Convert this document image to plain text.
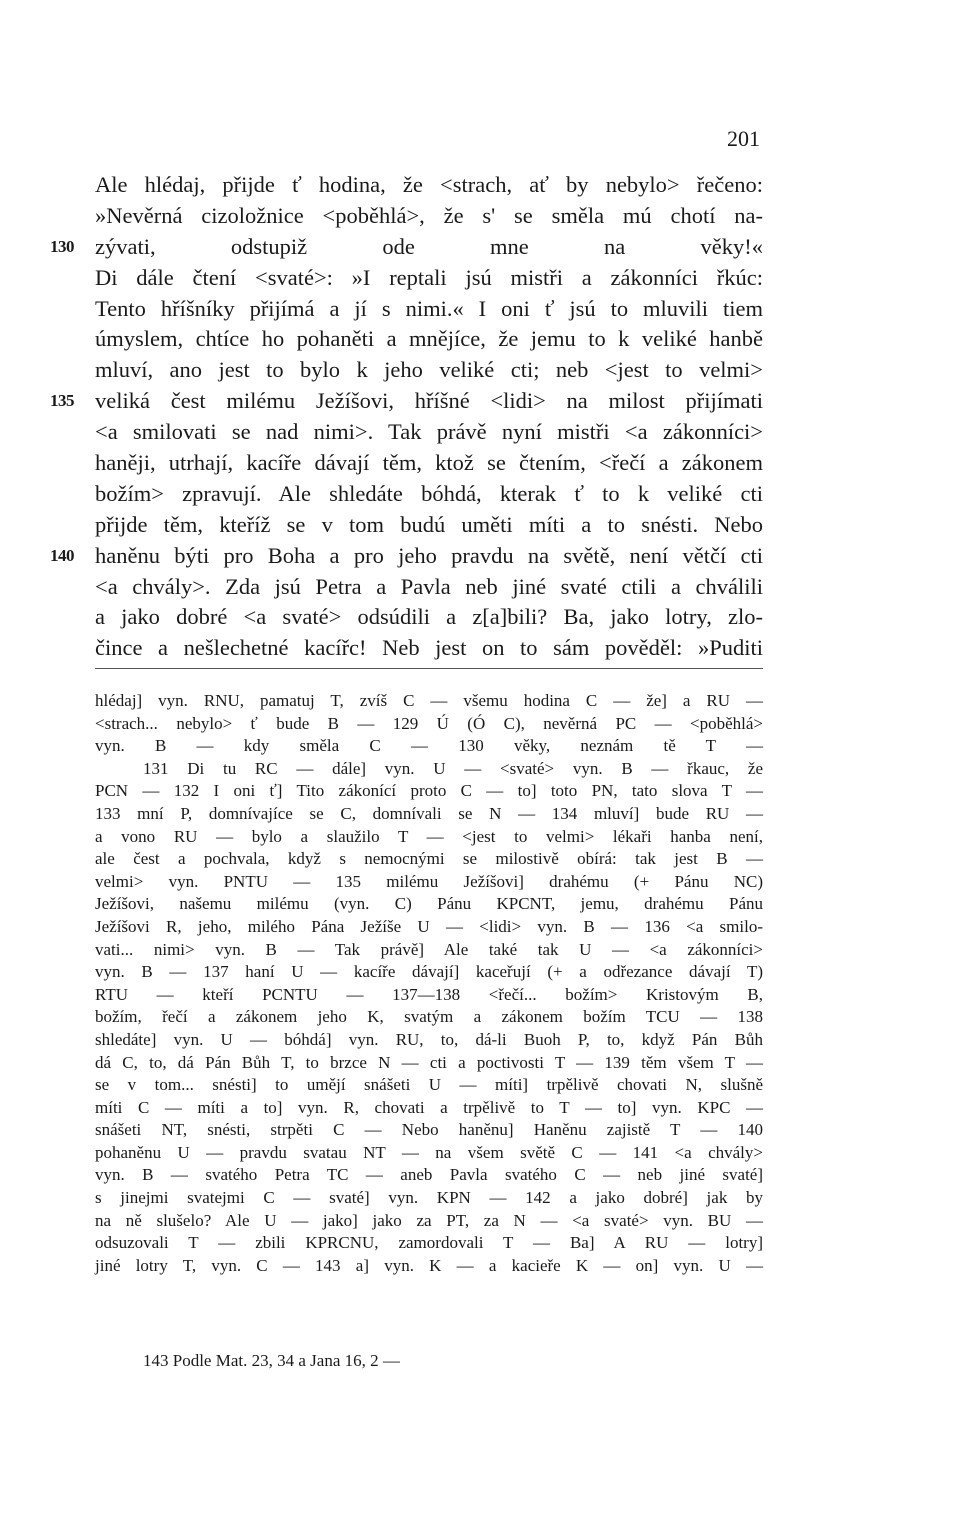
201
Ale hlédaj, přijde ť hodina, že <strach, ať by nebylo> řečeno:
»Nevěrná cizoložnice <poběhlá>, že s' se směla mú chotí na-
130 zývati, odstupiž ode mne na věky!«
Di dále čtení <svaté>: »I reptali jsú mistři a zákonníci řkúc:
Tento hříšníky přijímá a jí s nimi.« I oni ť jsú to mluvili tiem
úmyslem, chtíce ho pohaněti a mnějíce, že jemu to k veliké hanbě
mluví, ano jest to bylo k jeho veliké cti; neb <jest to velmi>
135 veliká čest milému Ježíšovi, hříšné <lidi> na milost přijímati
<a smilovati se nad nimi>. Tak právě nyní mistři <a zákonníci>
haněji, utrhají, kacíře dávají těm, ktož se čtením, <řečí a zákonem
božím> zpravují. Ale shledáte bóhdá, kterak ť to k veliké cti
přijde těm, kteříž se v tom budú uměti míti a to snésti. Nebo
140 haněnu býti pro Boha a pro jeho pravdu na světě, není větčí cti
<a chvály>. Zda jsú Petra a Pavla neb jiné svaté ctili a chválili
a jako dobré <a svaté> odsúdili a z[a]bili? Ba, jako lotry, zlo-
čince a nešlechetné kacířc! Neb jest on to sám pověděl: »Puditi
hlédaj] vyn. RNU, pamatuj T, zvíš C — všemu hodina C — že] a RU —
<strach... nebylo> ť bude B — 129 Ú (Ó C), nevěrná PC — <poběhlá>
vyn. B — kdy směla C — 130 věky, neznám tě T —
131 Di tu RC — dále] vyn. U — <svaté> vyn. B — řkauc, že
PCN — 132 I oni ť] Tito zákonící proto C — to] toto PN, tato slova T —
133 mní P, domnívajíce se C, domnívali se N — 134 mluví] bude RU —
a vono RU — bylo a slaužilo T — <jest to velmi> lékaři hanba není,
ale čest a pochvala, když s nemocnými se milostivě obírá: tak jest B —
velmi> vyn. PNTU — 135 milému Ježíšovi] drahému (+ Pánu NC)
Ježíšovi, našemu milému (vyn. C) Pánu KPCNT, jemu, drahému Pánu
Ježíšovi R, jeho, milého Pána Ježíše U — <lidi> vyn. B — 136 <a smilo-
vati... nimi> vyn. B — Tak právě] Ale také tak U — <a zákonníci>
vyn. B — 137 haní U — kacíře dávají] kaceřují (+ a odřezance dávají T)
RTU — kteří PCNTU — 137—138 <řečí... božím> Kristovým B,
božím, řečí a zákonem jeho K, svatým a zákonem božím TCU — 138
shledáte] vyn. U — bóhdá] vyn. RU, to, dá-li Buoh P, to, když Pán Bůh
dá C, to, dá Pán Bůh T, to brzce N — cti a poctivosti T — 139 těm všem T —
se v tom... snésti] to umějí snášeti U — míti] trpělivě chovati N, slušně
míti C — míti a to] vyn. R, chovati a trpělivě to T — to] vyn. KPC —
snášeti NT, snésti, strpěti C — Nebo haněnu] Haněnu zajistě T — 140
pohaněnu U — pravdu svatau NT — na všem světě C — 141 <a chvály>
vyn. B — svatého Petra TC — aneb Pavla svatého C — neb jiné svaté]
s jinejmi svatejmi C — svaté] vyn. KPN — 142 a jako dobré] jak by
na ně slušelo? Ale U — jako] jako za PT, za N — <a svaté> vyn. BU —
odsuzovali T — zbili KPRCNU, zamordovali T — Ba] A RU — lotry]
jiné lotry T, vyn. C — 143 a] vyn. K — a kacieře K — on] vyn. U —
143 Podle Mat. 23, 34 a Jana 16, 2 —
